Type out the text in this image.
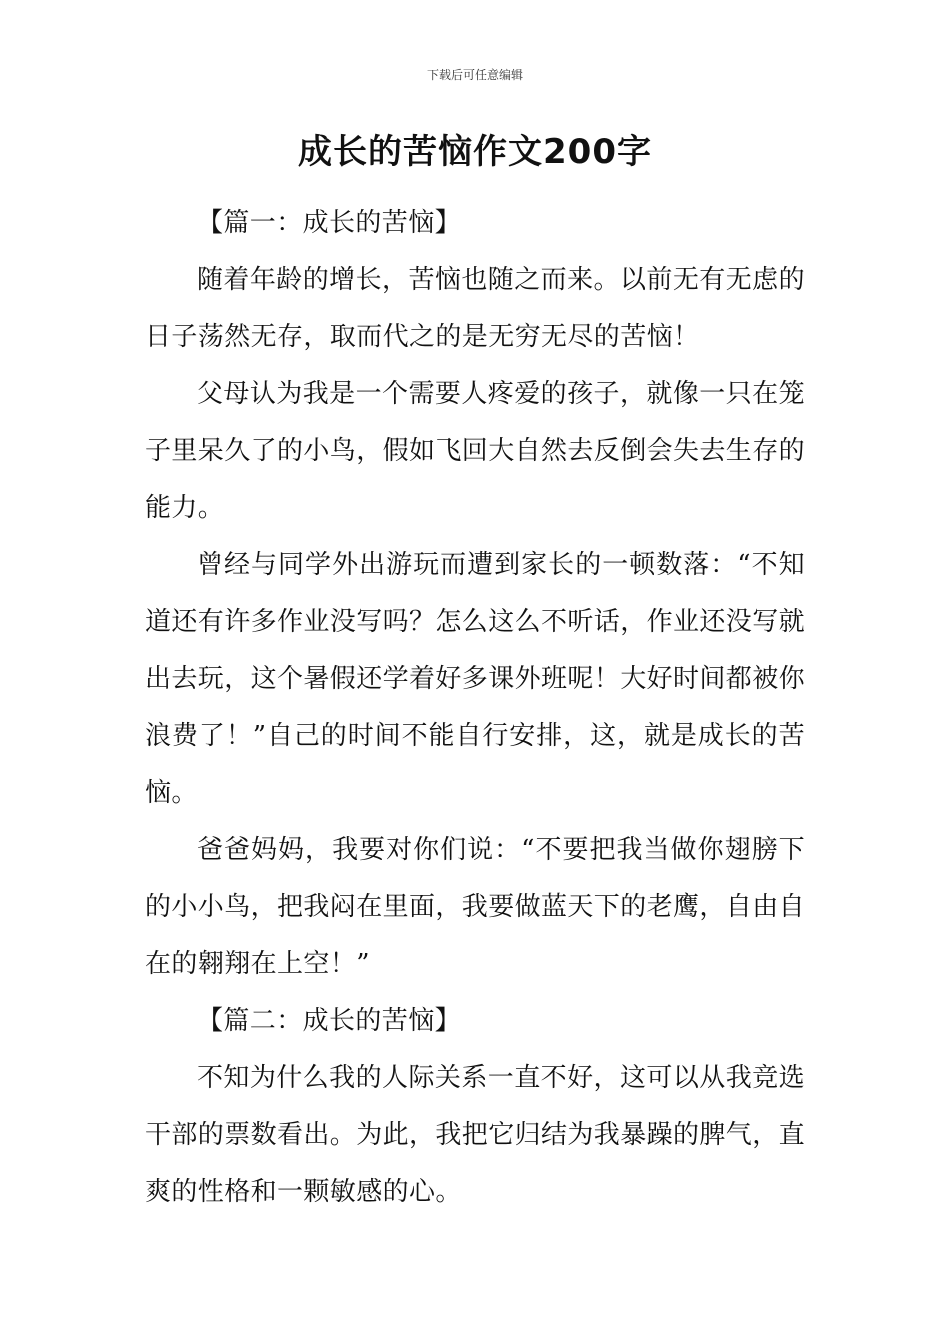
下载后可任意编辑
成长的苦恼作文200字

【篇一：成长的苦恼】

随着年龄的增长，苦恼也随之而来。以前无有无虑的日子荡然无存，取而代之的是无穷无尽的苦恼！

父母认为我是一个需要人疼爱的孩子，就像一只在笼子里呆久了的小鸟，假如飞回大自然去反倒会失去生存的能力。

曾经与同学外出游玩而遭到家长的一顿数落：“不知道还有许多作业没写吗？怎么这么不听话，作业还没写就出去玩，这个暑假还学着好多课外班呢！大好时间都被你浪费了！”自己的时间不能自行安排，这，就是成长的苦恼。

爸爸妈妈，我要对你们说：“不要把我当做你翅膀下的小小鸟，把我闷在里面，我要做蓝天下的老鹰，自由自在的翱翔在上空！”

【篇二：成长的苦恼】

不知为什么我的人际关系一直不好，这可以从我竞选干部的票数看出。为此，我把它归结为我暴躁的脾气，直爽的性格和一颗敏感的心。
